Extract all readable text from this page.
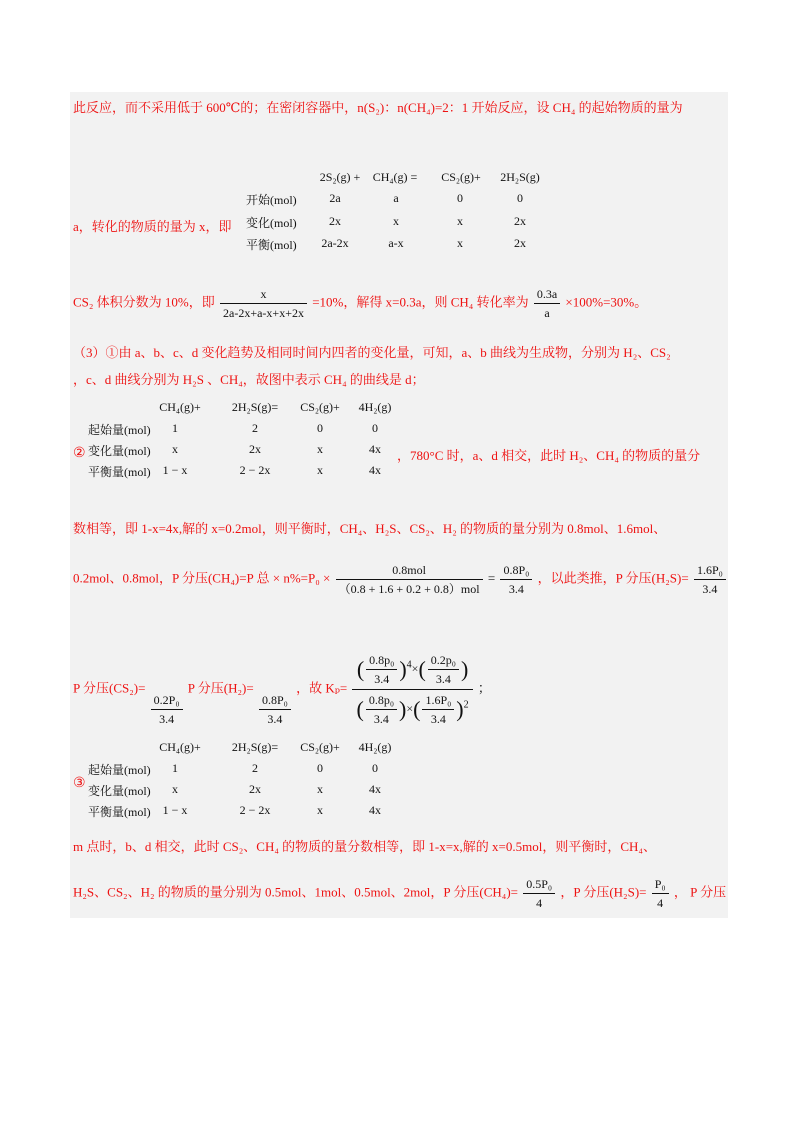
此反应，而不采用低于 600℃的；在密闭容器中，n(S₂)：n(CH₄)=2：1 开始反应，设 CH₄ 的起始物质的量为
2S₂(g) +	CH₄(g) =	CS₂(g)+	2H₂S(g)
开始(mol)	2a	a	0	0
变化(mol)	2x	x	x	2x
平衡(mol)	2a-2x	a-x	x	2x
a，转化的物质的量为 x，即
CS₂ 体积分数为 10%，即 $\frac{x}{2a-2x+a-x+x+2x} =10\%$，解得 x=0.3a，则 CH₄ 转化率为 $\frac{0.3a}{a} \times 100\%=30\%$。
（3）①由 a、b、c、d 变化趋势及相同时间内四者的变化量，可知，a、b 曲线为生成物，分别为 H₂、CS₂
，c、d 曲线分别为 H₂S 、CH₄，故图中表示 CH₄ 的曲线是 d；
②
CH₄(g)+	2H₂S(g)=	CS₂(g)+	4H₂(g)
起始量(mol)	1	2	0	0
变化量(mol)	x	2x	x	4x
平衡量(mol) 1 − x	2 − 2x	x	4x
，780°C 时，a、d 相交，此时 H₂、CH₄ 的物质的量分
数相等，即 1-x=4x,解的 x=0.2mol，则平衡时，CH₄、H₂S、CS₂、H₂ 的物质的量分别为 0.8mol、1.6mol、
0.2mol、0.8mol，P 分压(CH₄)=P 总 × $n\%=P_0 \times \frac{\text{0.8mol}}{\text{（0.8 + 1.6 + 0.2 + 0.8）mol}} = \frac{\text{0.8P₀}}{3.4}$ ，以此类推，P 分压$(H_2S)= \frac{\text{1.6P₀}}{3.4}$
P 分压(CS₂)=
$\frac{\text{0.2P₀}}{3.4}$
P 分压(H₂)=
$\frac{\text{0.8P₀}}{3.4}$
，故 $K_p= \frac{( \frac{\text{0.8p₀}}{3.4} )^4\times( \frac{\text{0.2p₀}}{3.4} )}{( \frac{\text{0.8p₀}}{3.4} )\times( \frac{\text{1.6P₀}}{3.4} )^2}$ ；
③
CH₄(g)+	2H₂S(g)=	CS₂(g)+	4H₂(g)
起始量(mol)	1	2	0	0
变化量(mol)	x	2x	x	4x
平衡量(mol) 1 − x	2 − 2x	x	4x
m 点时，b、d 相交，此时 CS₂、CH₄ 的物质的量分数相等，即 1-x=x,解的 x=0.5mol，则平衡时，CH₄、
H₂S、CS₂、H₂ 的物质的量分别为 0.5mol、1mol、0.5mol、2mol，P 分压$(CH_4)= \frac{\text{0.5P₀}}{4}$ ，P 分压$(H_2S)= \frac{\text{P₀}}{4}$ ， P 分压
